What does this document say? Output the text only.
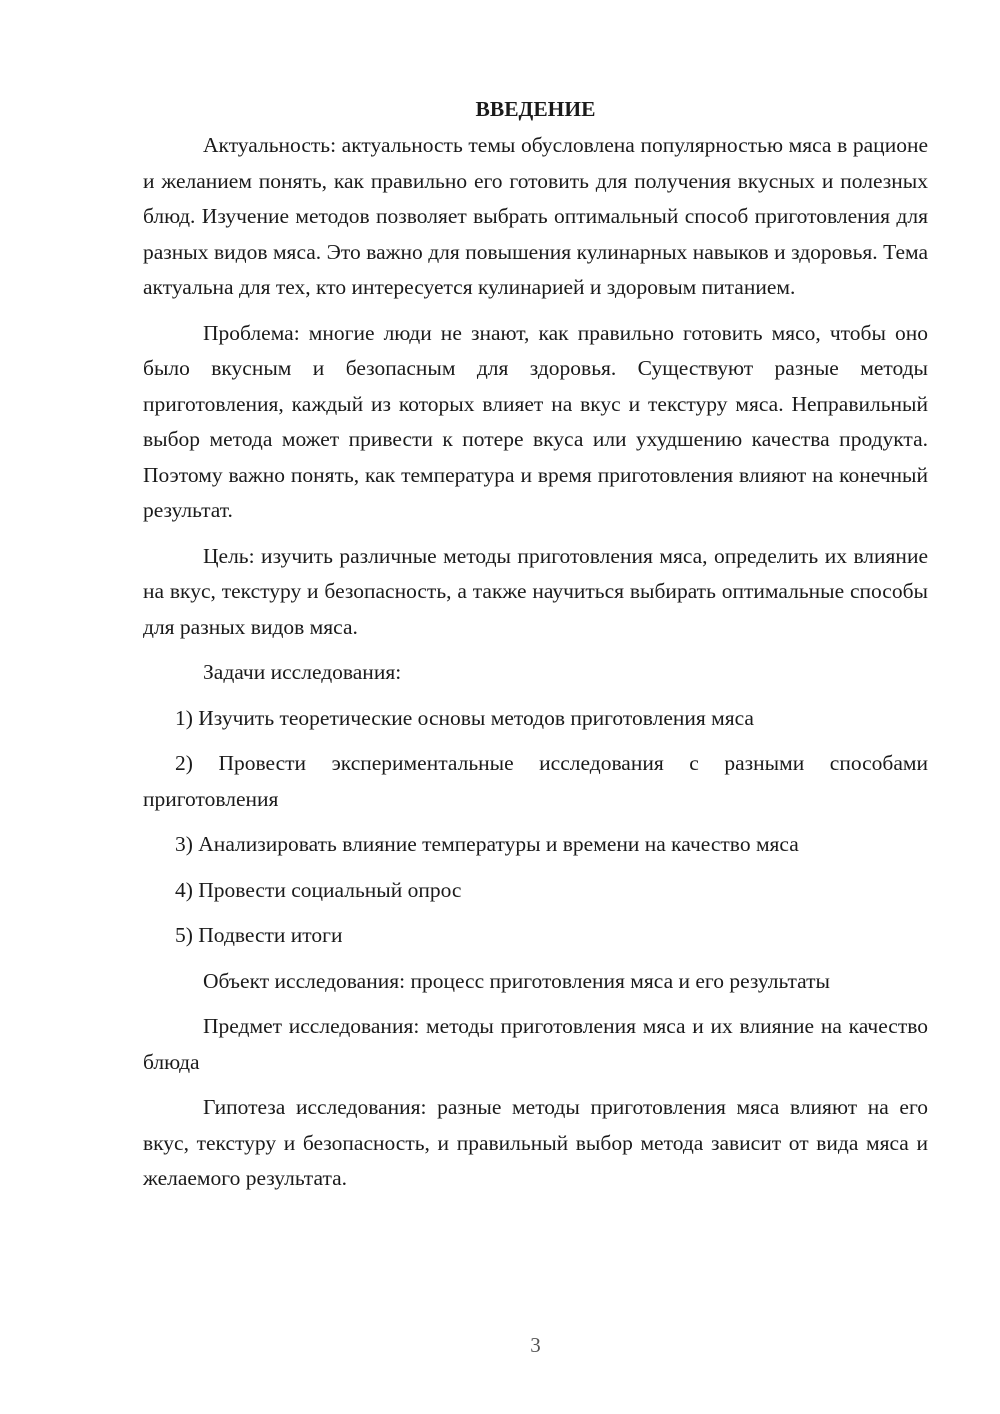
ВВЕДЕНИЕ

Актуальность: актуальность темы обусловлена популярностью мяса в рационе и желанием понять, как правильно его готовить для получения вкусных и полезных блюд. Изучение методов позволяет выбрать оптимальный способ приготовления для разных видов мяса. Это важно для повышения кулинарных навыков и здоровья. Тема актуальна для тех, кто интересуется кулинарией и здоровым питанием.

Проблема: многие люди не знают, как правильно готовить мясо, чтобы оно было вкусным и безопасным для здоровья. Существуют разные методы приготовления, каждый из которых влияет на вкус и текстуру мяса. Неправильный выбор метода может привести к потере вкуса или ухудшению качества продукта. Поэтому важно понять, как температура и время приготовления влияют на конечный результат.

Цель: изучить различные методы приготовления мяса, определить их влияние на вкус, текстуру и безопасность, а также научиться выбирать оптимальные способы для разных видов мяса.

Задачи исследования:

1) Изучить теоретические основы методов приготовления мяса

2) Провести экспериментальные исследования с разными способами приготовления

3) Анализировать влияние температуры и времени на качество мяса

4) Провести социальный опрос

5) Подвести итоги

Объект исследования: процесс приготовления мяса и его результаты

Предмет исследования: методы приготовления мяса и их влияние на качество блюда

Гипотеза исследования: разные методы приготовления мяса влияют на его вкус, текстуру и безопасность, и правильный выбор метода зависит от вида мяса и желаемого результата.

3
